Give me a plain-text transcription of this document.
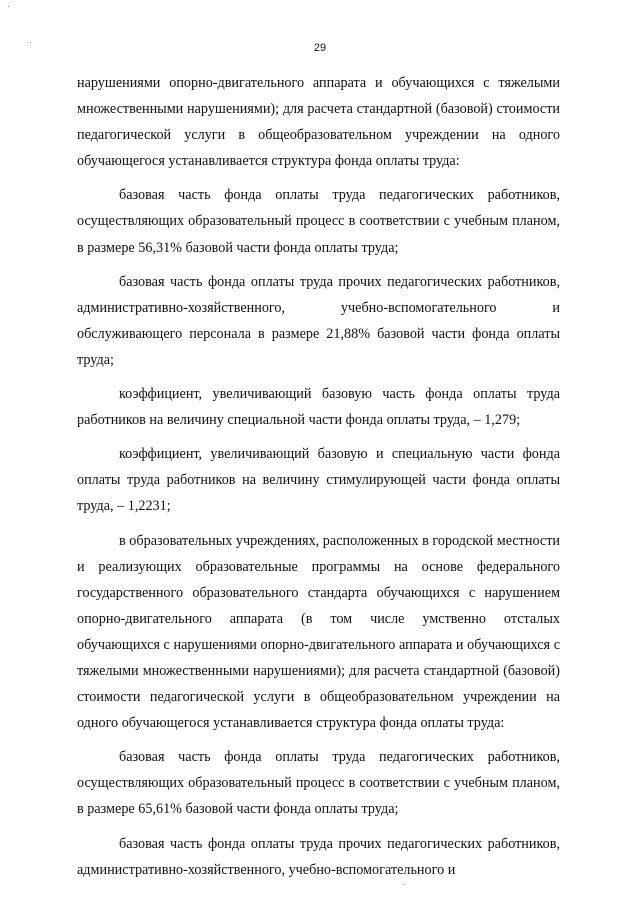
29

нарушениями опорно-двигательного аппарата и обучающихся с тяжелыми множественными нарушениями); для расчета стандартной (базовой) стоимости педагогической услуги в общеобразовательном учреждении на одного обучающегося устанавливается структура фонда оплаты труда:

базовая часть фонда оплаты труда педагогических работников, осуществляющих образовательный процесс в соответствии с учебным планом, в размере 56,31% базовой части фонда оплаты труда;

базовая часть фонда оплаты труда прочих педагогических работников, административно-хозяйственного, учебно-вспомогательного и обслуживающего персонала в размере 21,88% базовой части фонда оплаты труда;

коэффициент, увеличивающий базовую часть фонда оплаты труда работников на величину специальной части фонда оплаты труда, – 1,279;

коэффициент, увеличивающий базовую и специальную части фонда оплаты труда работников на величину стимулирующей части фонда оплаты труда, – 1,2231;

в образовательных учреждениях, расположенных в городской местности и реализующих образовательные программы на основе федерального государственного образовательного стандарта обучающихся с нарушением опорно-двигательного аппарата (в том числе умственно отсталых обучающихся с нарушениями опорно-двигательного аппарата и обучающихся с тяжелыми множественными нарушениями); для расчета стандартной (базовой) стоимости педагогической услуги в общеобразовательном учреждении на одного обучающегося устанавливается структура фонда оплаты труда:

базовая часть фонда оплаты труда педагогических работников, осуществляющих образовательный процесс в соответствии с учебным планом, в размере 65,61% базовой части фонда оплаты труда;

базовая часть фонда оплаты труда прочих педагогических работников, административно-хозяйственного, учебно-вспомогательного и
